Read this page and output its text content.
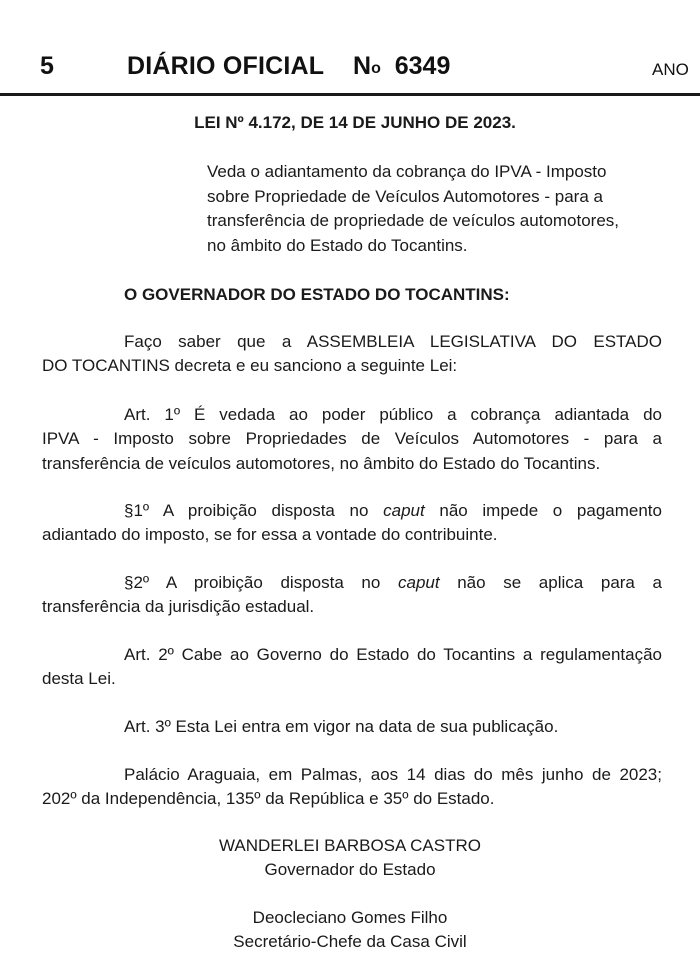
5	DIÁRIO OFICIAL $N^o$ 6349	ANO
LEI Nº 4.172, DE 14 DE JUNHO DE 2023.
Veda o adiantamento da cobrança do IPVA - Imposto
sobre Propriedade de Veículos Automotores - para a
transferência de propriedade de veículos automotores,
no âmbito do Estado do Tocantins.
O GOVERNADOR DO ESTADO DO TOCANTINS:
Faço saber que a ASSEMBLEIA LEGISLATIVA DO ESTADO
DO TOCANTINS decreta e eu sanciono a seguinte Lei:
Art. 1º É vedada ao poder público a cobrança adiantada do
IPVA - Imposto sobre Propriedades de Veículos Automotores - para a
transferência de veículos automotores, no âmbito do Estado do Tocantins.
§1º A proibição disposta no caput não impede o pagamento
adiantado do imposto, se for essa a vontade do contribuinte.
§2º A proibição disposta no caput não se aplica para a
transferência da jurisdição estadual.
Art. 2º Cabe ao Governo do Estado do Tocantins a regulamentação
desta Lei.
Art. 3º Esta Lei entra em vigor na data de sua publicação.
Palácio Araguaia, em Palmas, aos 14 dias do mês junho de 2023;
202º da Independência, 135º da República e 35º do Estado.
WANDERLEI BARBOSA CASTRO
Governador do Estado
Deocleciano Gomes Filho
Secretário-Chefe da Casa Civil
